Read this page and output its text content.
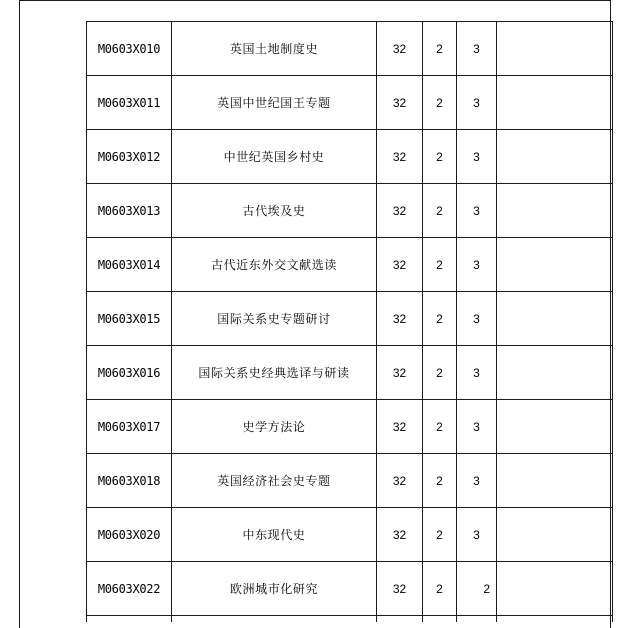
M0603X010	英国土地制度史	32	2	3	
M0603X011	英国中世纪国王专题	32	2	3	
M0603X012	中世纪英国乡村史	32	2	3	
M0603X013	古代埃及史	32	2	3	
M0603X014	古代近东外交文献选读	32	2	3	
M0603X015	国际关系史专题研讨	32	2	3	
M0603X016	国际关系史经典选译与研读	32	2	3	
M0603X017	史学方法论	32	2	3	
M0603X018	英国经济社会史专题	32	2	3	
M0603X020	中东现代史	32	2	3	
M0603X022	欧洲城市化研究	32	2	2	
